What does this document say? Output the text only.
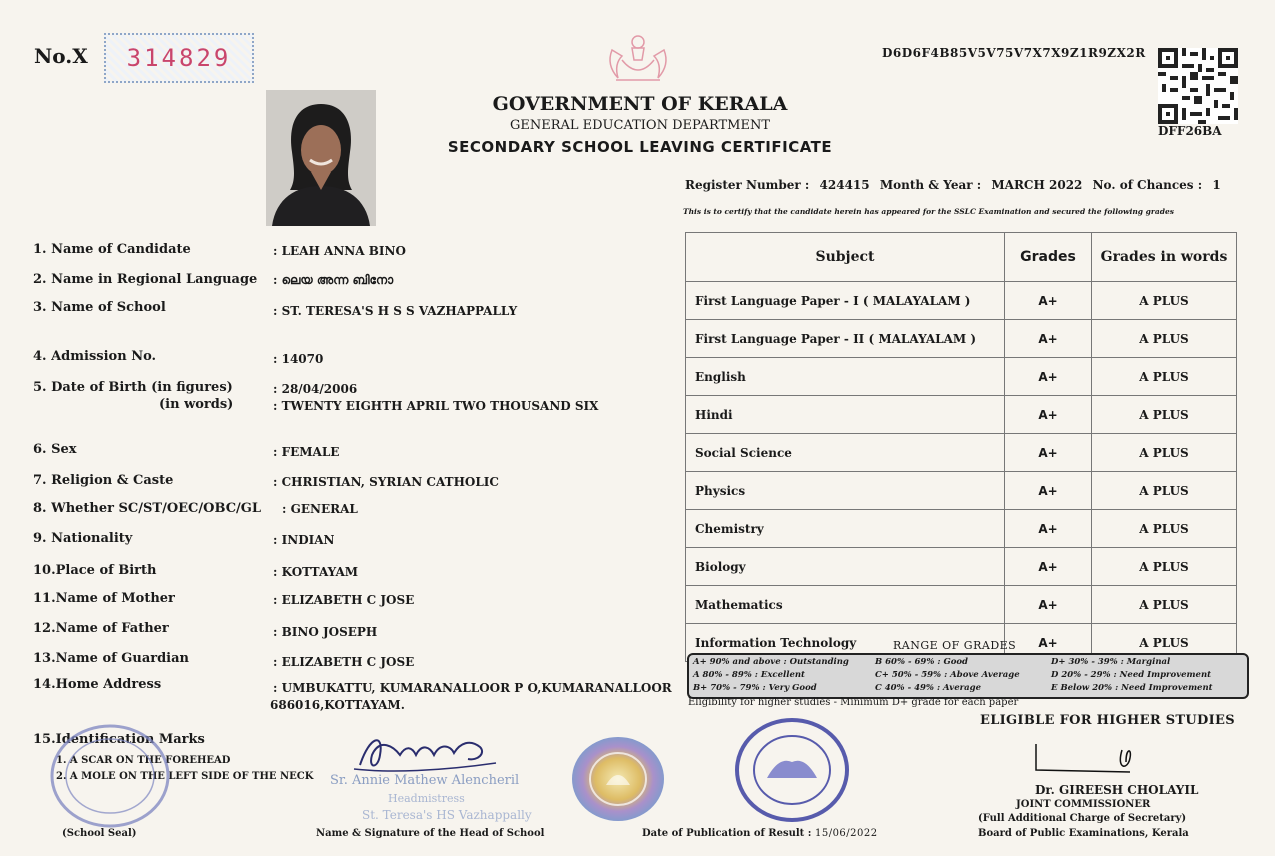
No.X	314829	D6D6F4B85V5V75V7X7X9Z1R9ZX2R
DFF26BA
GOVERNMENT OF KERALA
GENERAL EDUCATION DEPARTMENT
SECONDARY SCHOOL LEAVING CERTIFICATE
Register Number : 424415 Month & Year : MARCH 2022 No. of Chances : 1
This is to certify that the candidate herein has appeared for the SSLC Examination and secured the following grades
1. Name of Candidate	: LEAH ANNA BINO
2. Name in Regional Language : ലെയ അന്ന ബിനോ
3. Name of School	: ST. TERESA'S H S S VAZHAPPALLY
4. Admission No.	: 14070
5. Date of Birth (in figures)	: 28/04/2006
(in words)	: TWENTY EIGHTH APRIL TWO THOUSAND SIX
6. Sex	: FEMALE
7. Religion & Caste	: CHRISTIAN, SYRIAN CATHOLIC
8. Whether SC/ST/OEC/OBC/GL : GENERAL
9. Nationality	: INDIAN
10.Place of Birth	: KOTTAYAM
11.Name of Mother	: ELIZABETH C JOSE
12.Name of Father	: BINO JOSEPH
13.Name of Guardian	: ELIZABETH C JOSE
14.Home Address	: UMBUKATTU, KUMARANALLOOR P O,KUMARANALLOOR
686016,KOTTAYAM.
15.Identification Marks
1. A SCAR ON THE FOREHEAD
2. A MOLE ON THE LEFT SIDE OF THE NECK
Subject	Grades	Grades in words
First Language Paper - I ( MALAYALAM )	A+	A PLUS
First Language Paper - II ( MALAYALAM )	A+	A PLUS
English	A+	A PLUS
Hindi	A+	A PLUS
Social Science	A+	A PLUS
Physics	A+	A PLUS
Chemistry	A+	A PLUS
Biology	A+	A PLUS
Mathematics	A+	A PLUS
Information Technology	A+	A PLUS
RANGE OF GRADES
A+ 90% and above : Outstanding
A 80% - 89% : Excellent
B+ 70% - 79% : Very Good
B 60% - 69% : Good
C+ 50% - 59% : Above Average
C 40% - 49% : Average
D+ 30% - 39% : Marginal
D 20% - 29% : Need Improvement
E Below 20% : Need Improvement
Eligibility for higher studies - Minimum D+ grade for each paper
ELIGIBLE FOR HIGHER STUDIES
(School Seal)
Sr. Annie Mathew Alencheril
Headmistress
St. Teresa's HS Vazhappally
Name & Signature of the Head of School	Date of Publication of Result : 15/06/2022
Dr. GIREESH CHOLAYIL
JOINT COMMISSIONER
(Full Additional Charge of Secretary)
Board of Public Examinations, Kerala
